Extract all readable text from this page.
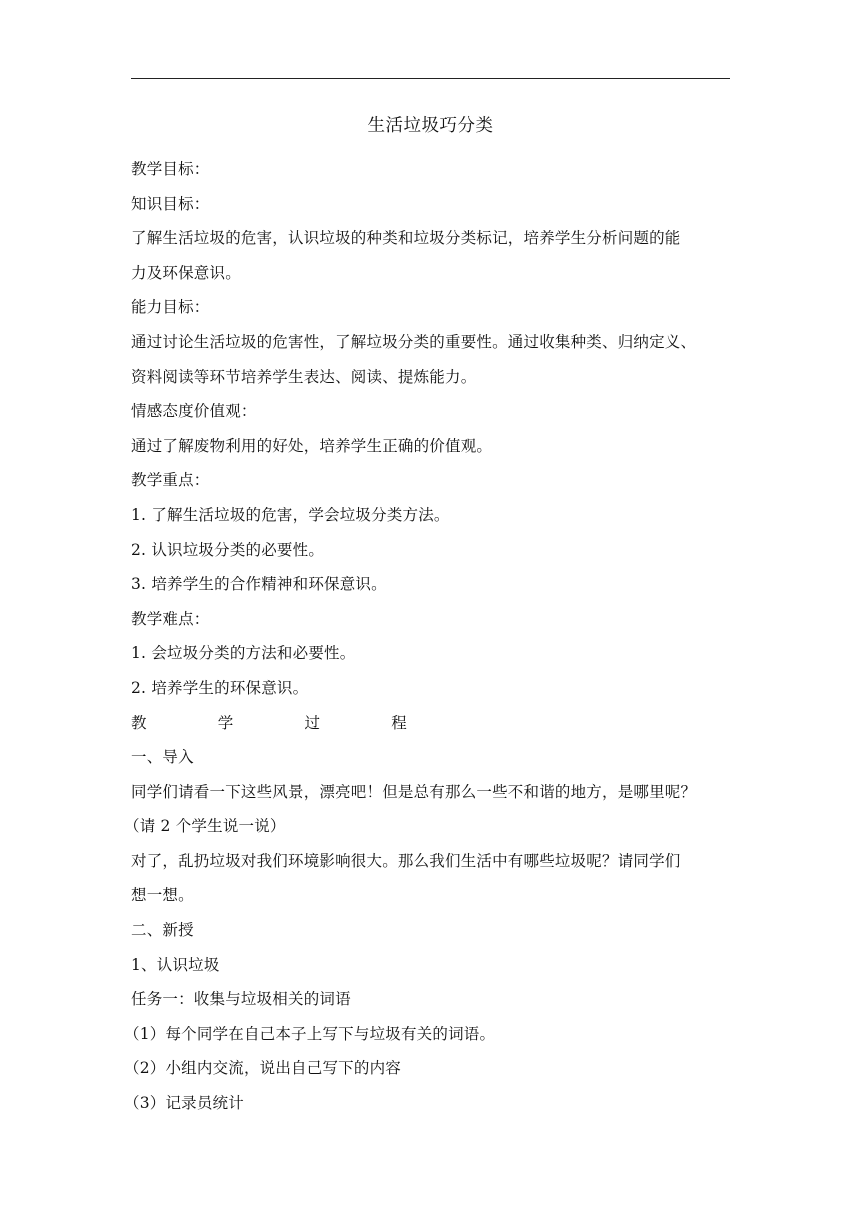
生活垃圾巧分类
教学目标：
知识目标：
了解生活垃圾的危害，认识垃圾的种类和垃圾分类标记，培养学生分析问题的能
力及环保意识。
能力目标：
通过讨论生活垃圾的危害性，了解垃圾分类的重要性。通过收集种类、归纳定义、
资料阅读等环节培养学生表达、阅读、提炼能力。
情感态度价值观：
通过了解废物利用的好处，培养学生正确的价值观。
教学重点：
1. 了解生活垃圾的危害，学会垃圾分类方法。
2. 认识垃圾分类的必要性。
3. 培养学生的合作精神和环保意识。
教学难点：
1. 会垃圾分类的方法和必要性。
2. 培养学生的环保意识。
教	学	过	程
一、导入
同学们请看一下这些风景，漂亮吧！但是总有那么一些不和谐的地方，是哪里呢？
（请 2 个学生说一说）
对了，乱扔垃圾对我们环境影响很大。那么我们生活中有哪些垃圾呢？请同学们
想一想。
二、新授
1、认识垃圾
任务一：收集与垃圾相关的词语
（1）每个同学在自己本子上写下与垃圾有关的词语。
（2）小组内交流，说出自己写下的内容
（3）记录员统计
